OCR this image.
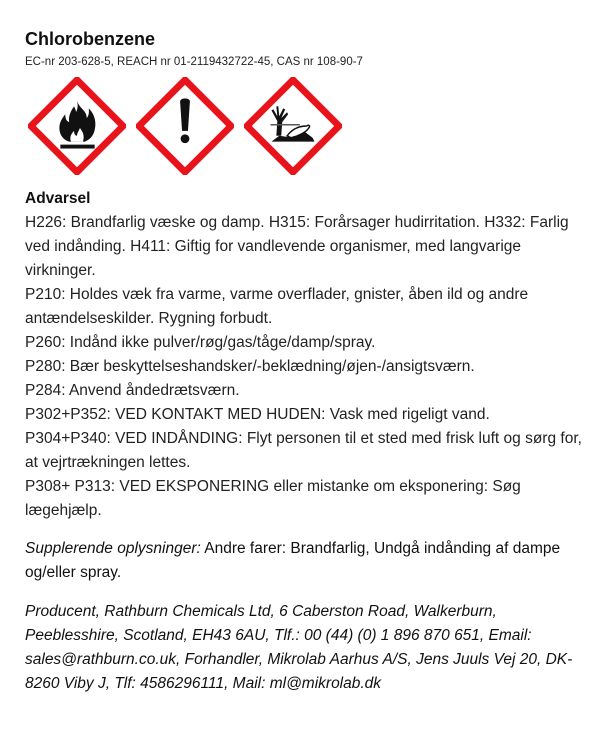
Chlorobenzene
EC-nr 203-628-5, REACH nr 01-2119432722-45, CAS nr 108-90-7
Advarsel
H226: Brandfarlig væske og damp. H315: Forårsager hudirritation. H332: Farlig ved indånding. H411: Giftig for vandlevende organismer, med langvarige virkninger.
P210: Holdes væk fra varme, varme overflader, gnister, åben ild og andre antændelseskilder. Rygning forbudt.
P260: Indånd ikke pulver/røg/gas/tåge/damp/spray.
P280: Bær beskyttelseshandsker/-beklædning/øjen-/ansigtsværn.
P284: Anvend åndedrætsværn.
P302+P352: VED KONTAKT MED HUDEN: Vask med rigeligt vand.
P304+P340: VED INDÅNDING: Flyt personen til et sted med frisk luft og sørg for, at vejrtrækningen lettes.
P308+ P313: VED EKSPONERING eller mistanke om eksponering: Søg lægehjælp.
Supplerende oplysninger: Andre farer: Brandfarlig, Undgå indånding af dampe og/eller spray.
Producent, Rathburn Chemicals Ltd, 6 Caberston Road, Walkerburn, Peeblesshire, Scotland, EH43 6AU, Tlf.: 00 (44) (0) 1 896 870 651, Email: sales@rathburn.co.uk, Forhandler, Mikrolab Aarhus A/S, Jens Juuls Vej 20, DK-8260 Viby J, Tlf: 4586296111, Mail: ml@mikrolab.dk
